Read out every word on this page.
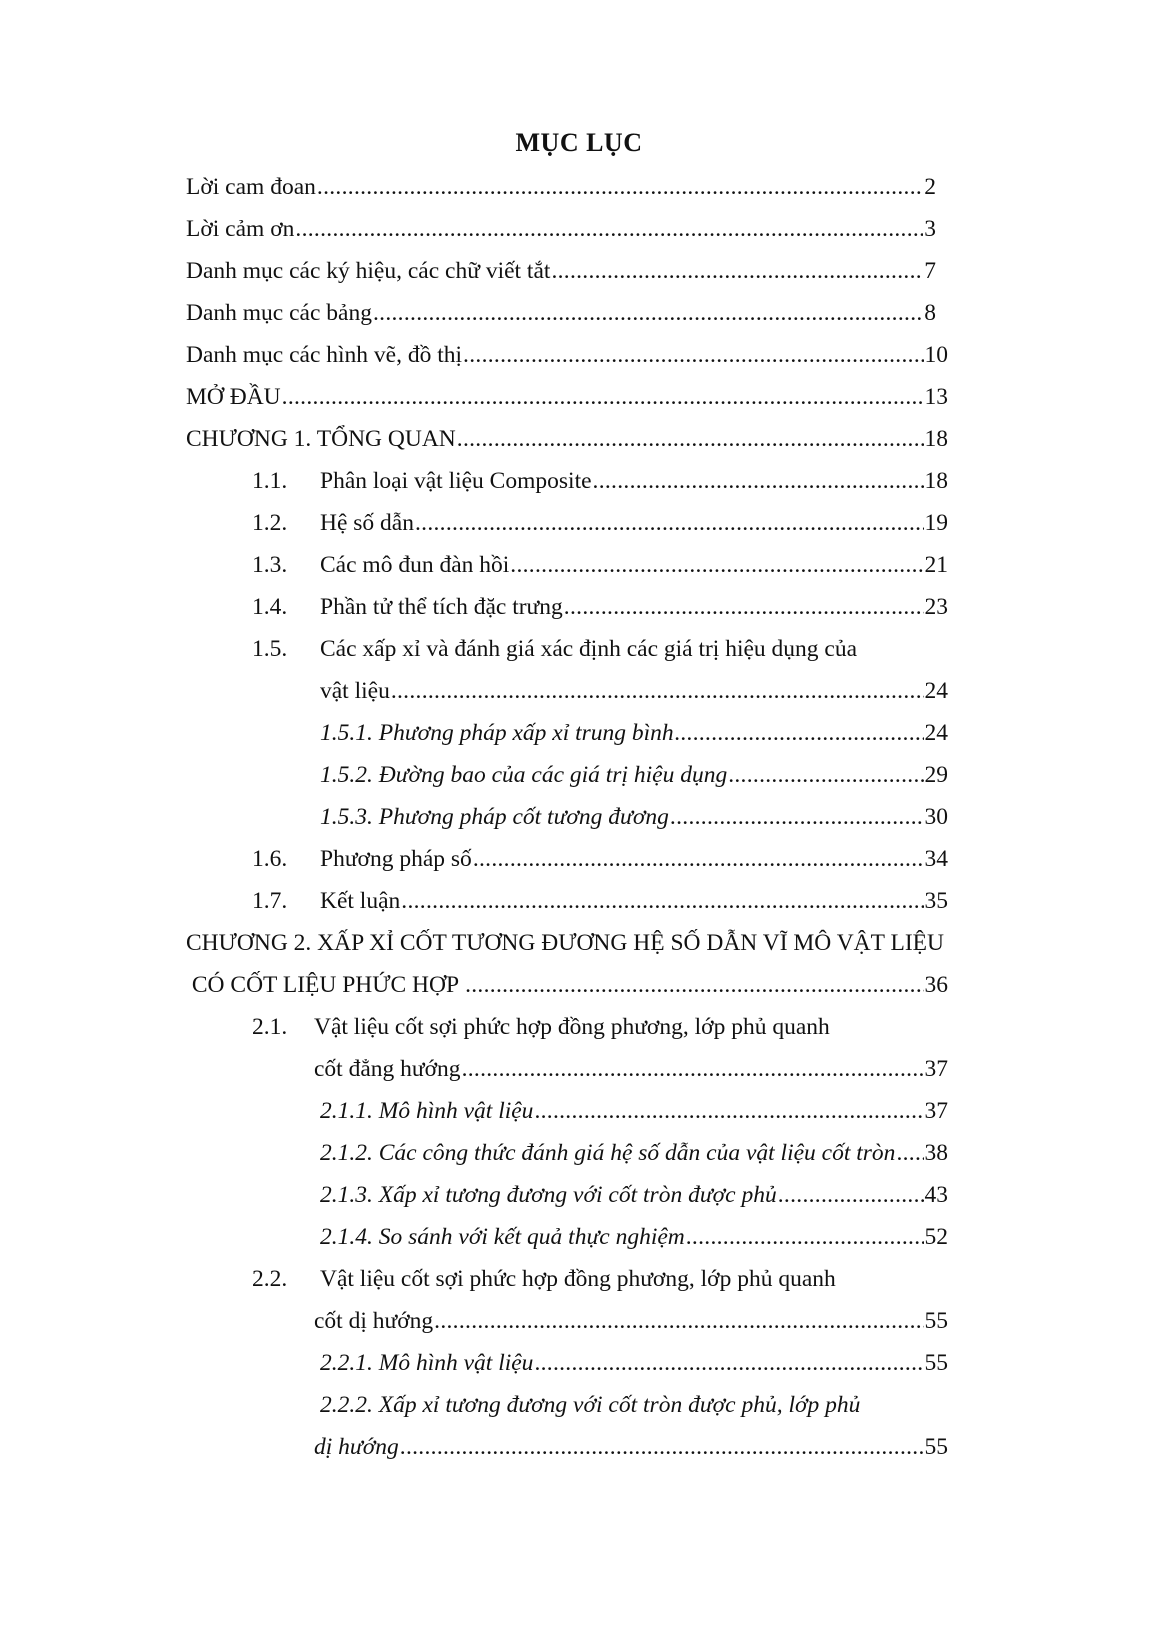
MỤC LỤC
Lời cam đoan .....	2
Lời cảm ơn .....	3
Danh mục các ký hiệu, các chữ viết tắt .....	7
Danh mục các bảng .....	8
Danh mục các hình vẽ, đồ thị .....	10
MỞ ĐẦU .....	13
CHƯƠNG 1. TỔNG QUAN .....	18
1.1.	Phân loại vật liệu Composite .....	18
1.2.	Hệ số dẫn .....	19
1.3.	Các mô đun đàn hồi .....	21
1.4.	Phần tử thể tích đặc trưng .....	23
1.5. Các xấp xỉ và đánh giá xác định các giá trị hiệu dụng của
vật liệu .....	24
1.5.1. Phương pháp xấp xỉ trung bình .....	24
1.5.2. Đường bao của các giá trị hiệu dụng .....	29
1.5.3. Phương pháp cốt tương đương .....	30
1.6.	Phương pháp số .....	34
1.7.	Kết luận .....	35
CHƯƠNG 2. XẤP XỈ CỐT TƯƠNG ĐƯƠNG HỆ SỐ DẪN VĨ MÔ VẬT LIỆU
CÓ CỐT LIỆU PHỨC HỢP .....	36
2.1. Vật liệu cốt sợi phức hợp đồng phương, lớp phủ quanh
cốt đẳng hướng .....	37
2.1.1. Mô hình vật liệu .....	37
2.1.2. Các công thức đánh giá hệ số dẫn của vật liệu cốt tròn ..... 38
2.1.3. Xấp xỉ tương đương với cốt tròn được phủ .....	43
2.1.4. So sánh với kết quả thực nghiệm .....	52
2.2. Vật liệu cốt sợi phức hợp đồng phương, lớp phủ quanh
cốt dị hướng .....	55
2.2.1. Mô hình vật liệu .....	55
2.2.2. Xấp xỉ tương đương với cốt tròn được phủ, lớp phủ
dị hướng .....	55
